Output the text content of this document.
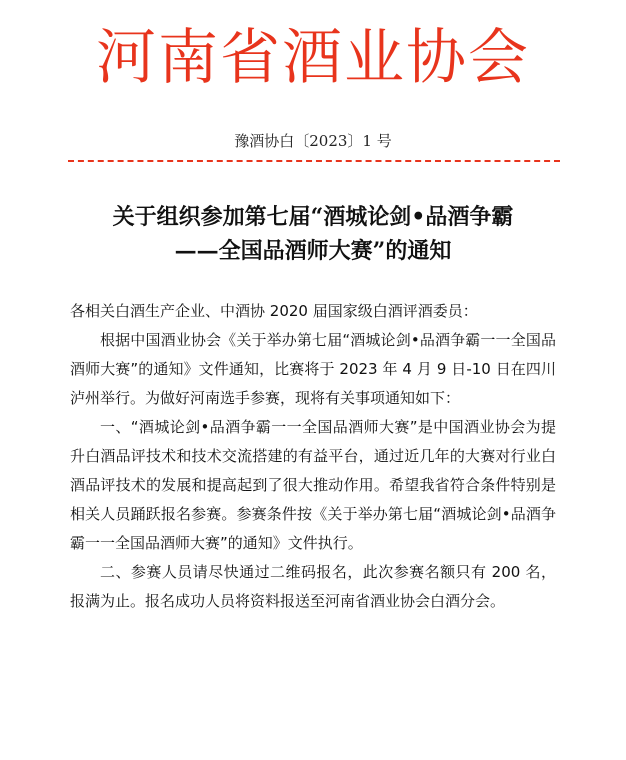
河南省酒业协会
豫酒协白〔2023〕1 号
关于组织参加第七届“酒城论剑•品酒争霸
——全国品酒师大赛”的通知

各相关白酒生产企业、中酒协 2020 届国家级白酒评酒委员：

根据中国酒业协会《关于举办第七届“酒城论剑•品酒争霸一一全国品酒师大赛”的通知》文件通知，比赛将于 2023 年 4 月 9 日-10 日在四川泸州举行。为做好河南选手参赛，现将有关事项通知如下：

一、“酒城论剑•品酒争霸一一全国品酒师大赛”是中国酒业协会为提升白酒品评技术和技术交流搭建的有益平台，通过近几年的大赛对行业白酒品评技术的发展和提高起到了很大推动作用。希望我省符合条件特别是相关人员踊跃报名参赛。参赛条件按《关于举办第七届“酒城论剑•品酒争霸一一全国品酒师大赛”的通知》文件执行。

二、参赛人员请尽快通过二维码报名，此次参赛名额只有 200 名，报满为止。报名成功人员将资料报送至河南省酒业协会白酒分会。
